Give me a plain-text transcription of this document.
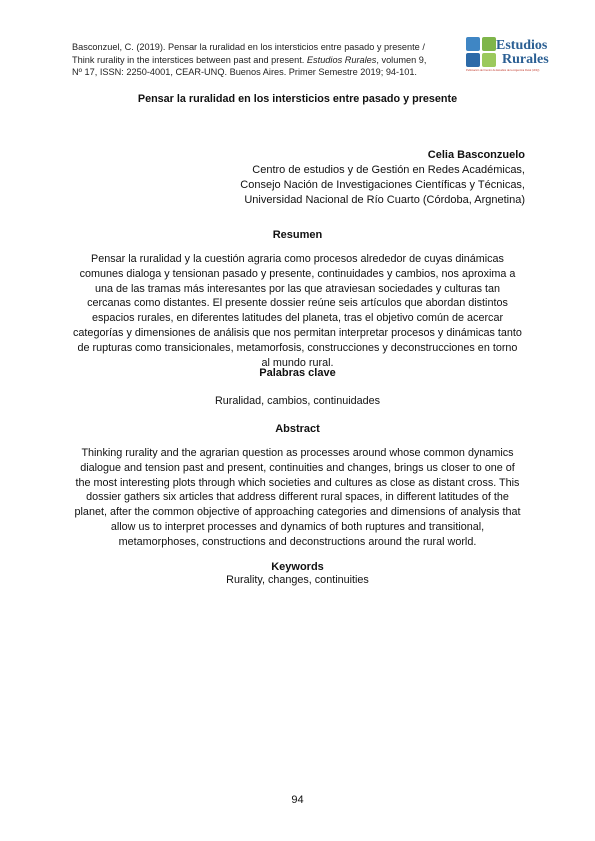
Basconzuel, C. (2019). Pensar la ruralidad en los intersticios entre pasado y presente / Think rurality in the interstices between past and present. Estudios Rurales, volumen 9, Nº 17, ISSN: 2250-4001, CEAR-UNQ. Buenos Aires. Primer Semestre 2019; 94-101.
Estudios
Rurales
Publicación del Centro de Estudios de la Argentina Rural (UNQ)
Pensar la ruralidad en los intersticios entre pasado y presente
Celia Basconzuelo
Centro de estudios y de Gestión en Redes Académicas,
Consejo Nación de Investigaciones Científicas y Técnicas,
Universidad Nacional de Río Cuarto (Córdoba, Argnetina)
Resumen
Pensar la ruralidad y la cuestión agraria como procesos alrededor de cuyas dinámicas comunes dialoga y tensionan pasado y presente, continuidades y cambios, nos aproxima a una de las tramas más interesantes por las que atraviesan sociedades y culturas tan cercanas como distantes. El presente dossier reúne seis artículos que abordan distintos espacios rurales, en diferentes latitudes del planeta, tras el objetivo común de acercar categorías y dimensiones de análisis que nos permitan interpretar procesos y dinámicas tanto de rupturas como transicionales, metamorfosis, construcciones y deconstrucciones en torno al mundo rural.
Palabras clave
Ruralidad, cambios, continuidades
Abstract
Thinking rurality and the agrarian question as processes around whose common dynamics dialogue and tension past and present, continuities and changes, brings us closer to one of the most interesting plots through which societies and cultures as close as distant cross. This dossier gathers six articles that address different rural spaces, in different latitudes of the planet, after the common objective of approaching categories and dimensions of analysis that allow us to interpret processes and dynamics of both ruptures and transitional, metamorphoses, constructions and deconstructions around the rural world.
Keywords
Rurality, changes, continuities
94
